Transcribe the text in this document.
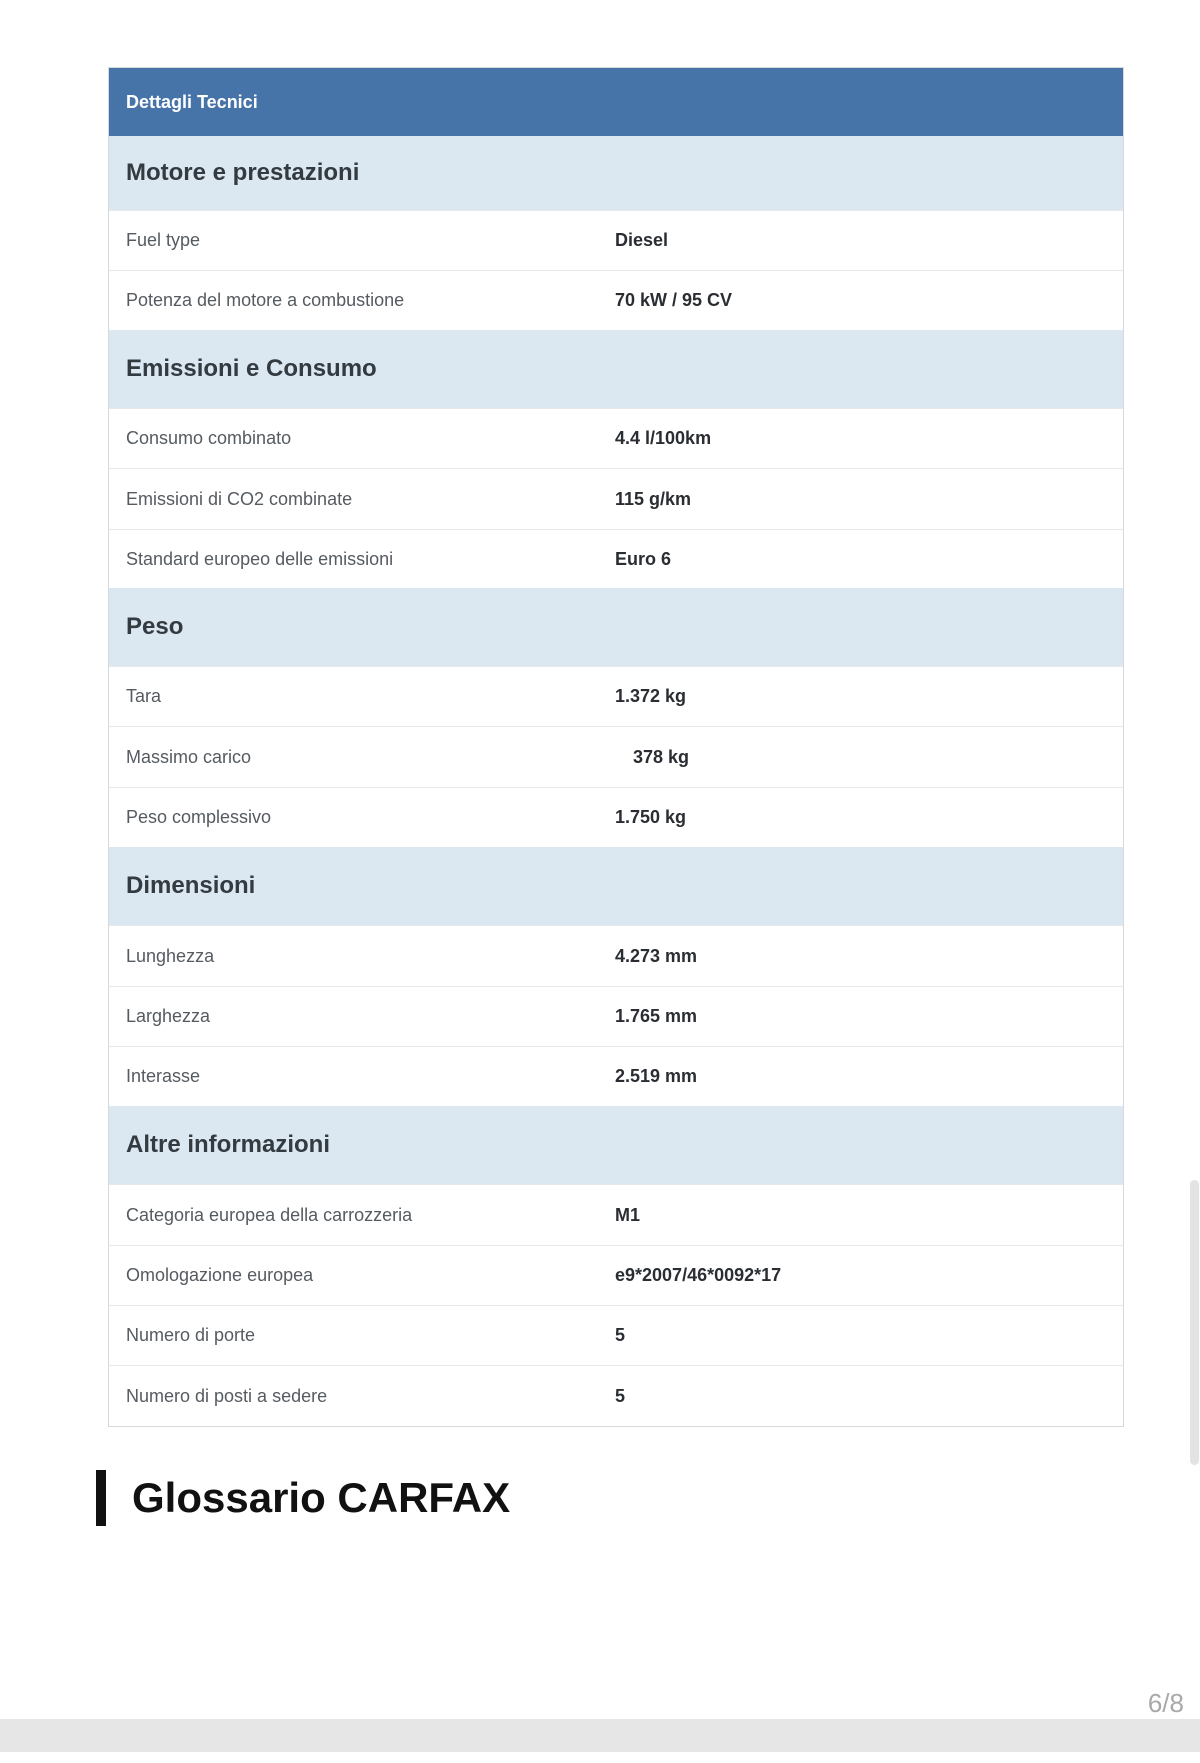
Dettagli Tecnici
Motore e prestazioni
Fuel type	Diesel
Potenza del motore a combustione	70 kW / 95 CV
Emissioni e Consumo
Consumo combinato	4.4 l/100km
Emissioni di CO2 combinate	115 g/km
Standard europeo delle emissioni	Euro 6
Peso
Tara	1.372 kg
Massimo carico	378 kg
Peso complessivo	1.750 kg
Dimensioni
Lunghezza	4.273 mm
Larghezza	1.765 mm
Interasse	2.519 mm
Altre informazioni
Categoria europea della carrozzeria	M1
Omologazione europea	e9*2007/46*0092*17
Numero di porte	5
Numero di posti a sedere	5
Glossario CARFAX
6/8
